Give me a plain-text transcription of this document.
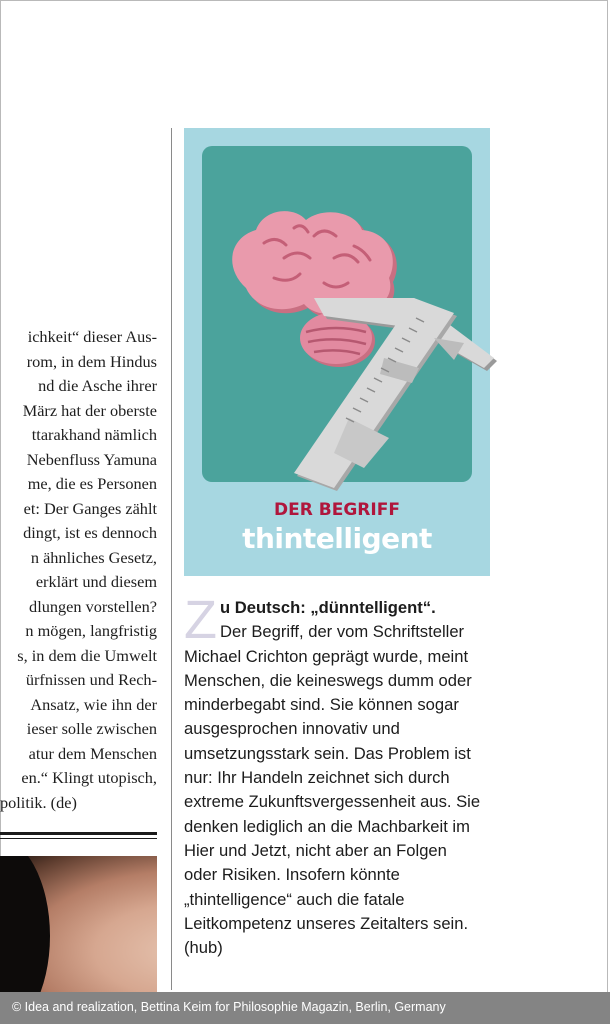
ichkeit“ dieser Aus-
rom, in dem Hindus
nd die Asche ihrer
März hat der oberste
ttarakhand nämlich
Nebenfluss Yamuna
me, die es Personen
et: Der Ganges zählt
dingt, ist es dennoch
n ähnliches Gesetz,
erklärt und diesem
dlungen vorstellen?
n mögen, langfristig
s, in dem die Umwelt
ürfnissen und Rech-
Ansatz, wie ihn der
ieser solle zwischen
atur dem Menschen
en.“ Klingt utopisch,
politik. (de)
DER BEGRIFF
thintelligent
Z u Deutsch: „dünntelligent“.
Der Begriff, der vom Schriftsteller Michael Crichton geprägt wurde, meint Menschen, die keineswegs dumm oder minderbegabt sind. Sie können sogar ausgesprochen innovativ und umsetzungsstark sein. Das Problem ist nur: Ihr Handeln zeichnet sich durch extreme Zukunftsvergessenheit aus. Sie denken lediglich an die Machbarkeit im Hier und Jetzt, nicht aber an Folgen oder Risiken. Insofern könnte „thintelligence“ auch die fatale Leitkompetenz unseres Zeitalters sein. (hub)
© Idea and realization, Bettina Keim for Philosophie Magazin, Berlin, Germany
